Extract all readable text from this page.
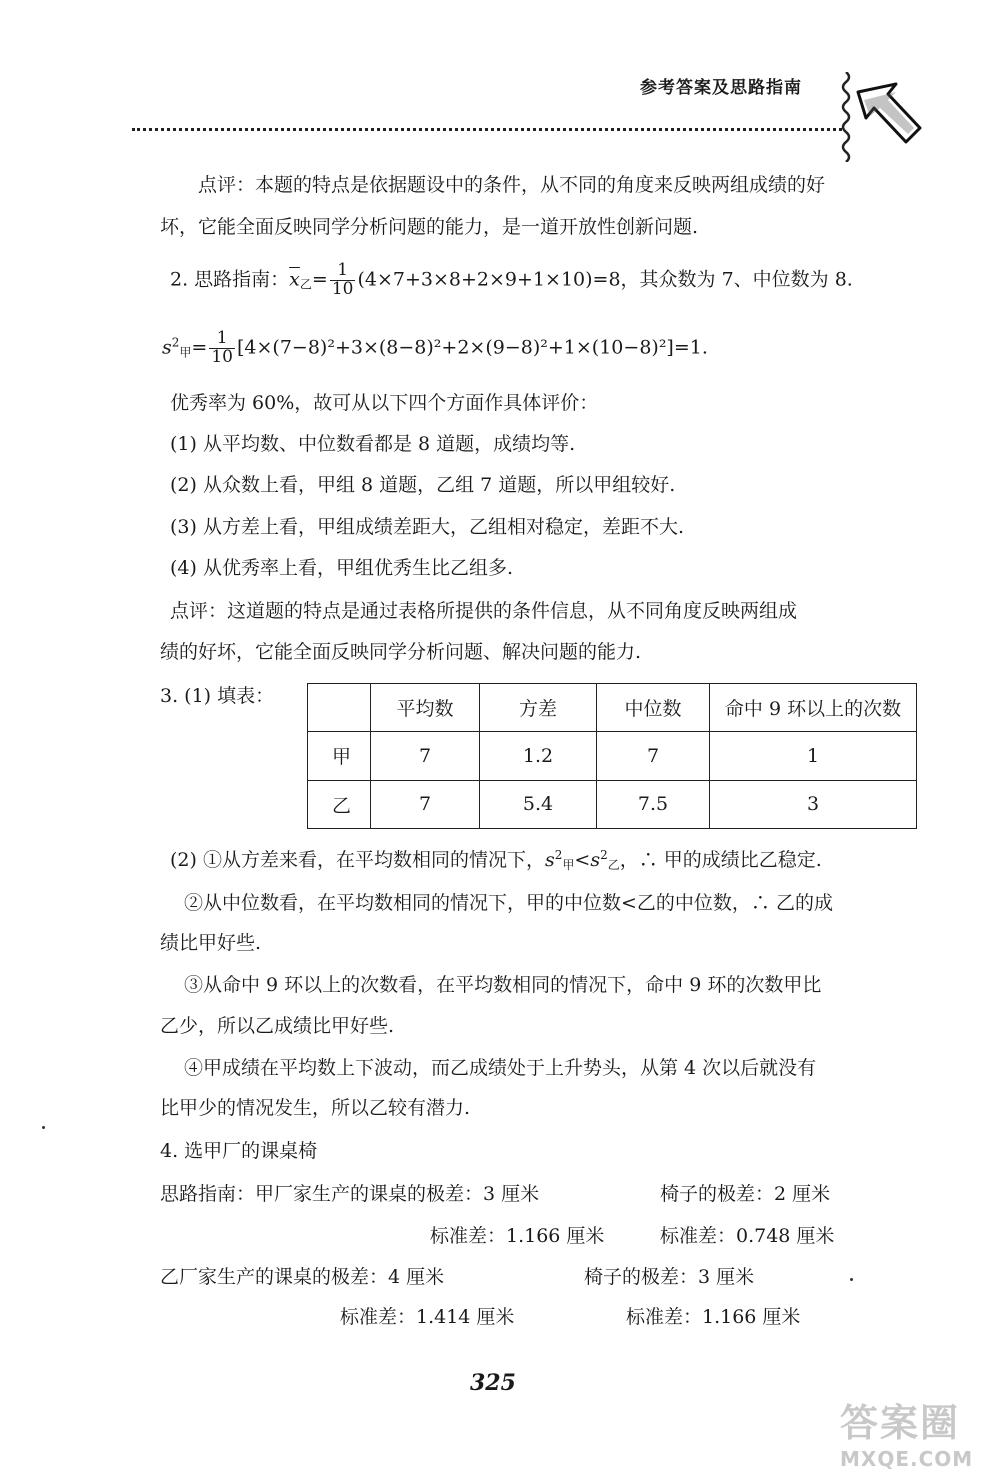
参考答案及思路指南
点评：本题的特点是依据题设中的条件，从不同的角度来反映两组成绩的好
坏，它能全面反映同学分析问题的能力，是一道开放性创新问题.
2. 思路指南：$\overline{x}_乙= \frac{1}{10} (4\times 7+3\times 8+2\times 9+1\times 10)=8$，其众数为 7、中位数为 8.
$s^2_甲= \frac{1}{10} [4\times(7-8)^2+3\times(8-8)^2+2\times(9-8)^2+1\times(10-8)^2]=1$.
优秀率为 60%，故可从以下四个方面作具体评价：
(1) 从平均数、中位数看都是 8 道题，成绩均等.
(2) 从众数上看，甲组 8 道题，乙组 7 道题，所以甲组较好.
(3) 从方差上看，甲组成绩差距大，乙组相对稳定，差距不大.
(4) 从优秀率上看，甲组优秀生比乙组多.
点评：这道题的特点是通过表格所提供的条件信息，从不同角度反映两组成
绩的好坏，它能全面反映同学分析问题、解决问题的能力.
3. (1) 填表：
	平均数	方差	中位数	命中 9 环以上的次数
甲	7	1.2	7	1
乙	7	5.4	7.5	3
(2) ①从方差来看，在平均数相同的情况下，$s^2_甲<s^2_乙$，∴ 甲的成绩比乙稳定.
②从中位数看，在平均数相同的情况下，甲的中位数<乙的中位数，∴ 乙的成
绩比甲好些.
③从命中 9 环以上的次数看，在平均数相同的情况下，命中 9 环的次数甲比
乙少，所以乙成绩比甲好些.
④甲成绩在平均数上下波动，而乙成绩处于上升势头，从第 4 次以后就没有
比甲少的情况发生，所以乙较有潜力.
4. 选甲厂的课桌椅
思路指南：甲厂家生产的课桌的极差：3 厘米	椅子的极差：2 厘米
标准差：1.166 厘米	标准差：0.748 厘米
乙厂家生产的课桌的极差：4 厘米	椅子的极差：3 厘米
标准差：1.414 厘米	标准差：1.166 厘米
325
答案圈
MXQE.COM
